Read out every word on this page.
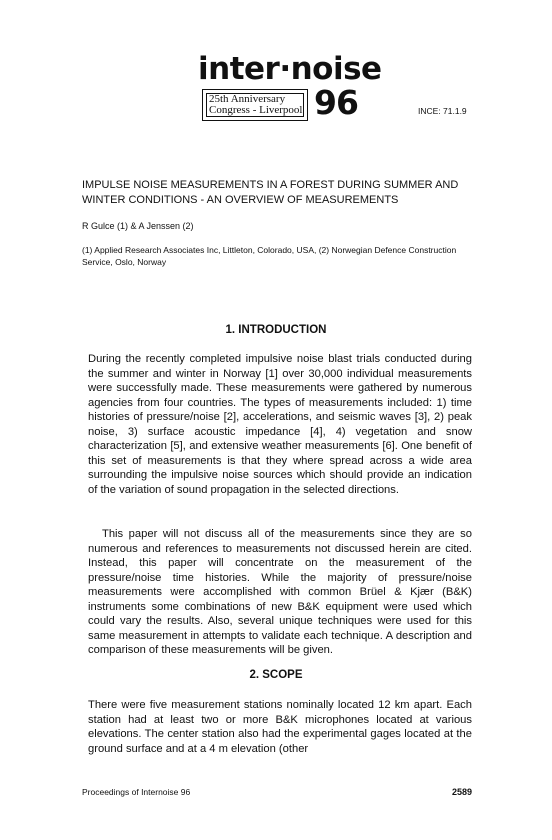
inter·noise
25th Anniversary
Congress - Liverpool 96	INCE: 71.1.9
IMPULSE NOISE MEASUREMENTS IN A FOREST DURING SUMMER AND WINTER CONDITIONS - AN OVERVIEW OF MEASUREMENTS
R Gulce (1) & A Jenssen (2)
(1) Applied Research Associates Inc, Littleton, Colorado, USA, (2) Norwegian Defence Construction Service, Oslo, Norway
1. INTRODUCTION

During the recently completed impulsive noise blast trials conducted during the summer and winter in Norway [1] over 30,000 individual measurements were successfully made. These measurements were gathered by numerous agencies from four countries. The types of measurements included: 1) time histories of pressure/noise [2], accelerations, and seismic waves [3], 2) peak noise, 3) surface acoustic impedance [4], 4) vegetation and snow characterization [5], and extensive weather measurements [6]. One benefit of this set of measurements is that they where spread across a wide area surrounding the impulsive noise sources which should provide an indication of the variation of sound propagation in the selected directions.

This paper will not discuss all of the measurements since they are so numerous and references to measurements not discussed herein are cited. Instead, this paper will concentrate on the measurement of the pressure/noise time histories. While the majority of pressure/noise measurements were accomplished with common Brüel & Kjær (B&K) instruments some combinations of new B&K equipment were used which could vary the results. Also, several unique techniques were used for this same measurement in attempts to validate each technique. A description and comparison of these measurements will be given.

2. SCOPE

There were five measurement stations nominally located 12 km apart. Each station had at least two or more B&K microphones located at various elevations. The center station also had the experimental gages located at the ground surface and at a 4 m elevation (other

Proceedings of Internoise 96	2589
